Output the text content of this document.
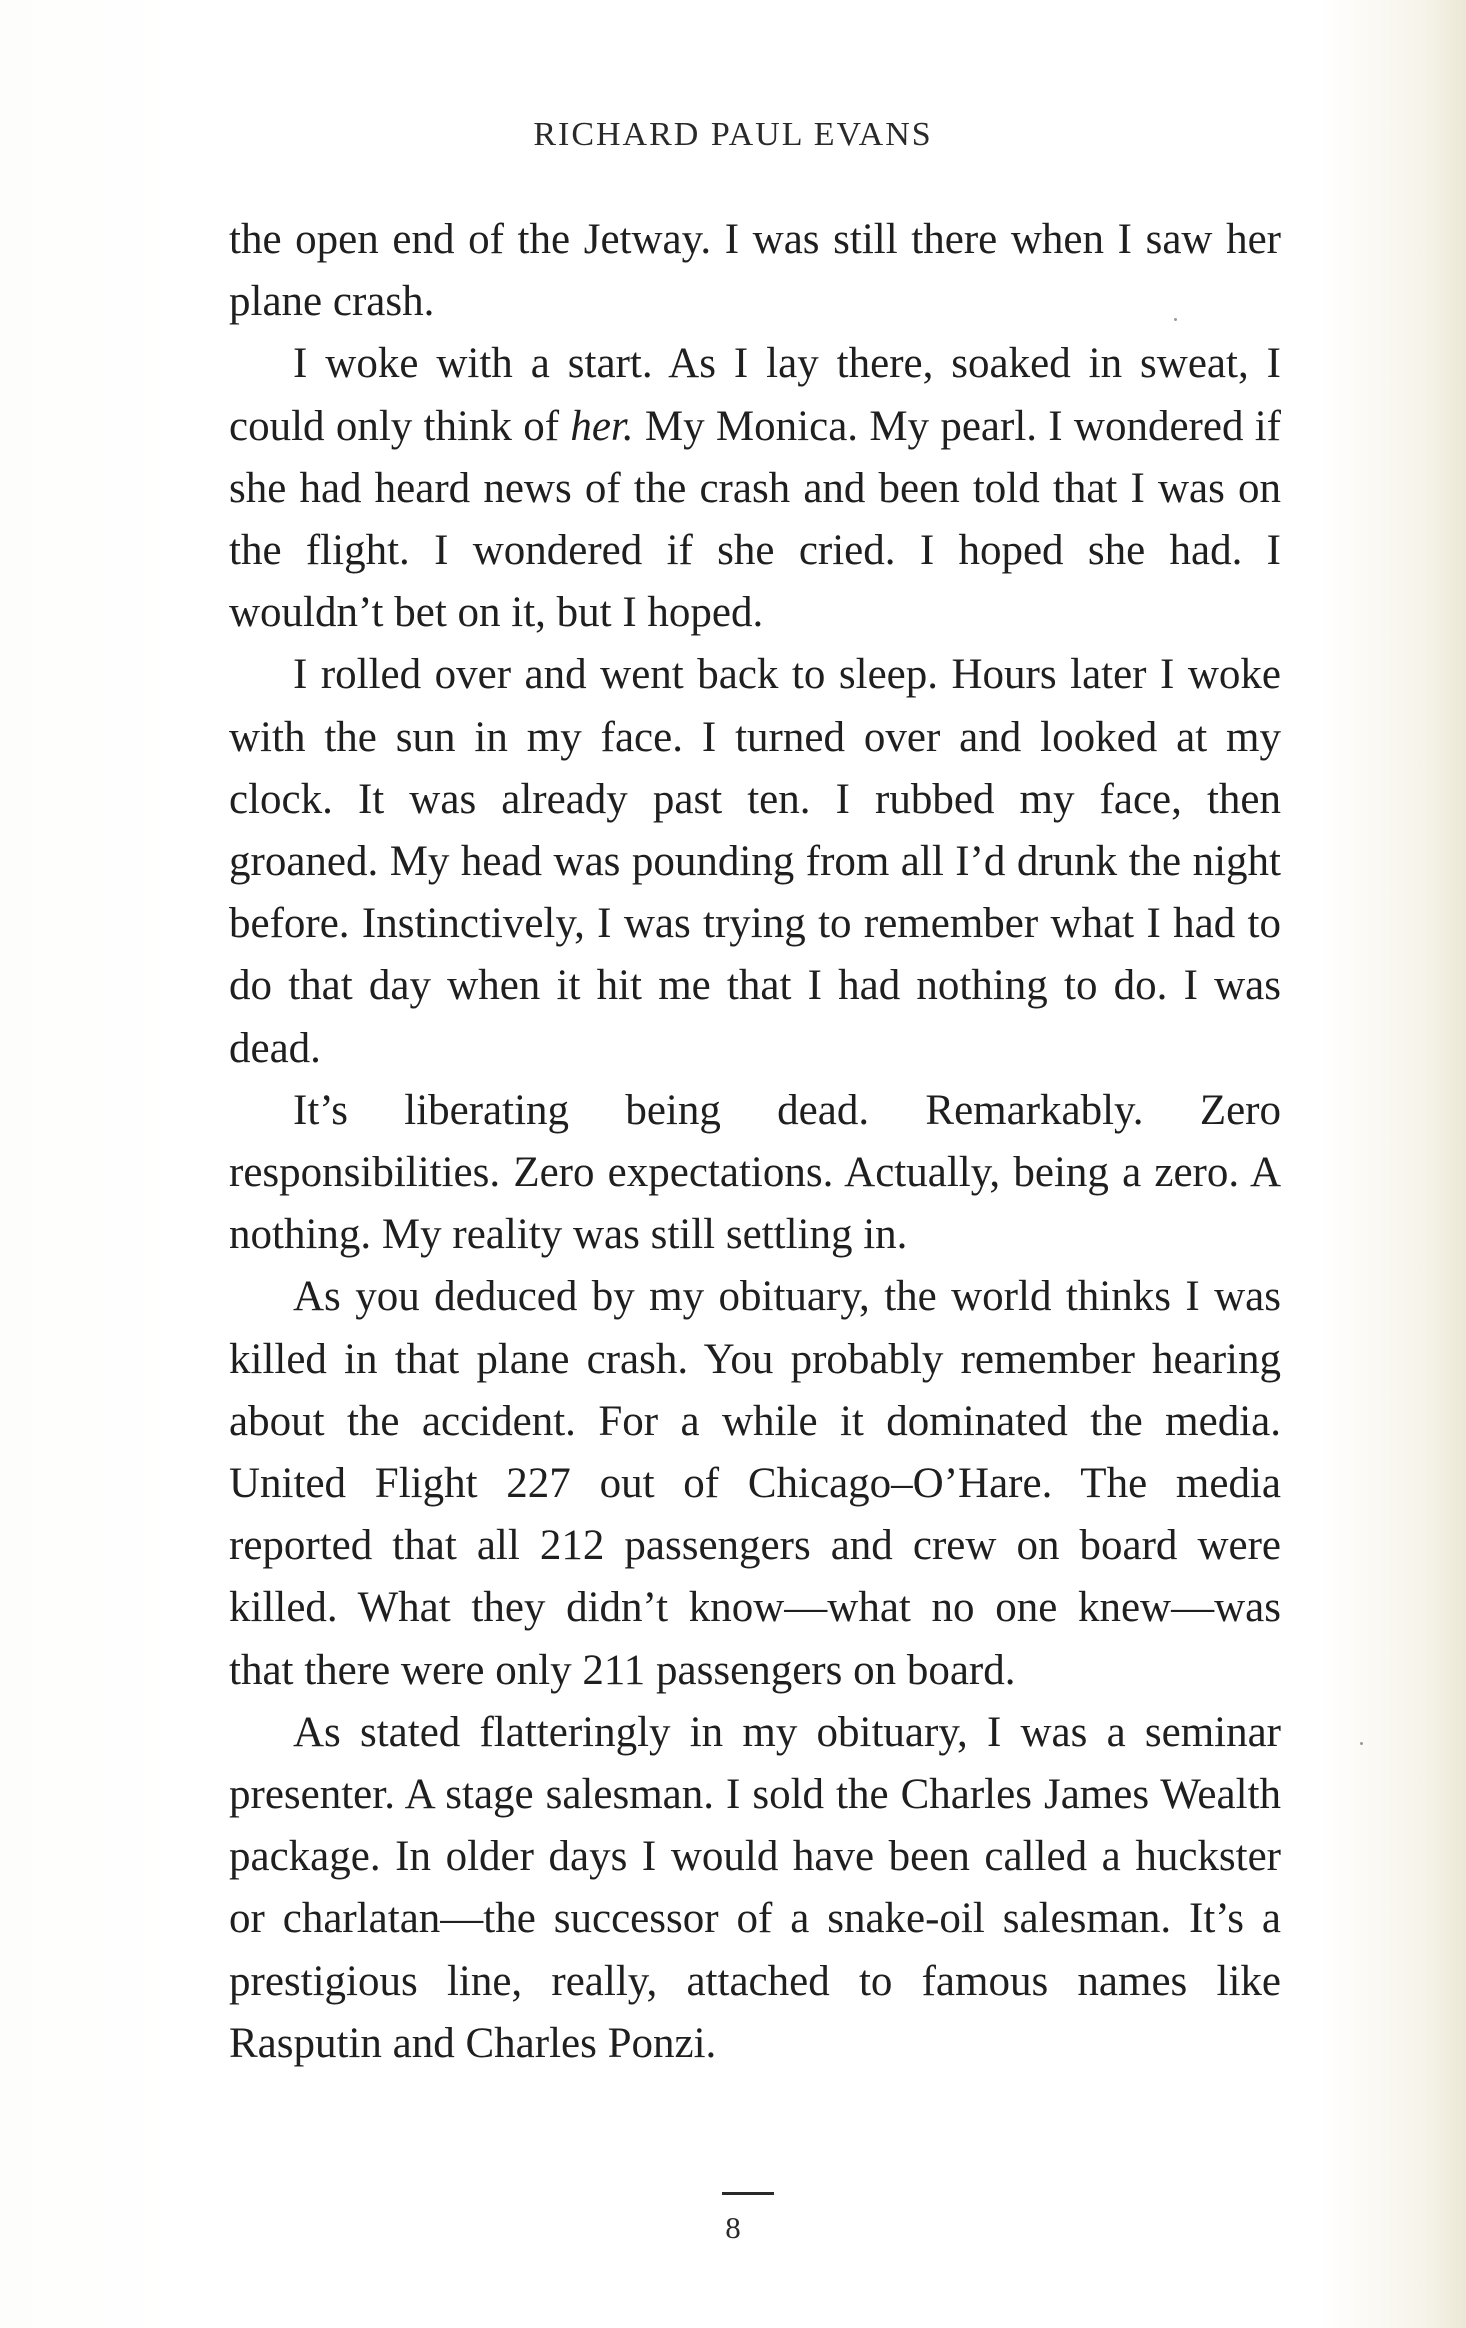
RICHARD PAUL EVANS

the open end of the Jetway. I was still there when I saw her plane crash.

I woke with a start. As I lay there, soaked in sweat, I could only think of her. My Monica. My pearl. I wondered if she had heard news of the crash and been told that I was on the flight. I wondered if she cried. I hoped she had. I wouldn’t bet on it, but I hoped.

I rolled over and went back to sleep. Hours later I woke with the sun in my face. I turned over and looked at my clock. It was already past ten. I rubbed my face, then groaned. My head was pounding from all I’d drunk the night before. Instinctively, I was trying to remember what I had to do that day when it hit me that I had nothing to do. I was dead.

It’s liberating being dead. Remarkably. Zero responsibilities. Zero expectations. Actually, being a zero. A nothing. My reality was still settling in.

As you deduced by my obituary, the world thinks I was killed in that plane crash. You probably remember hearing about the accident. For a while it dominated the media. United Flight 227 out of Chicago–O’Hare. The media reported that all 212 passengers and crew on board were killed. What they didn’t know—what no one knew—was that there were only 211 passengers on board.

As stated flatteringly in my obituary, I was a seminar presenter. A stage salesman. I sold the Charles James Wealth package. In older days I would have been called a huckster or charlatan—the successor of a snake-oil salesman. It’s a prestigious line, really, attached to famous names like Rasputin and Charles Ponzi.

8
